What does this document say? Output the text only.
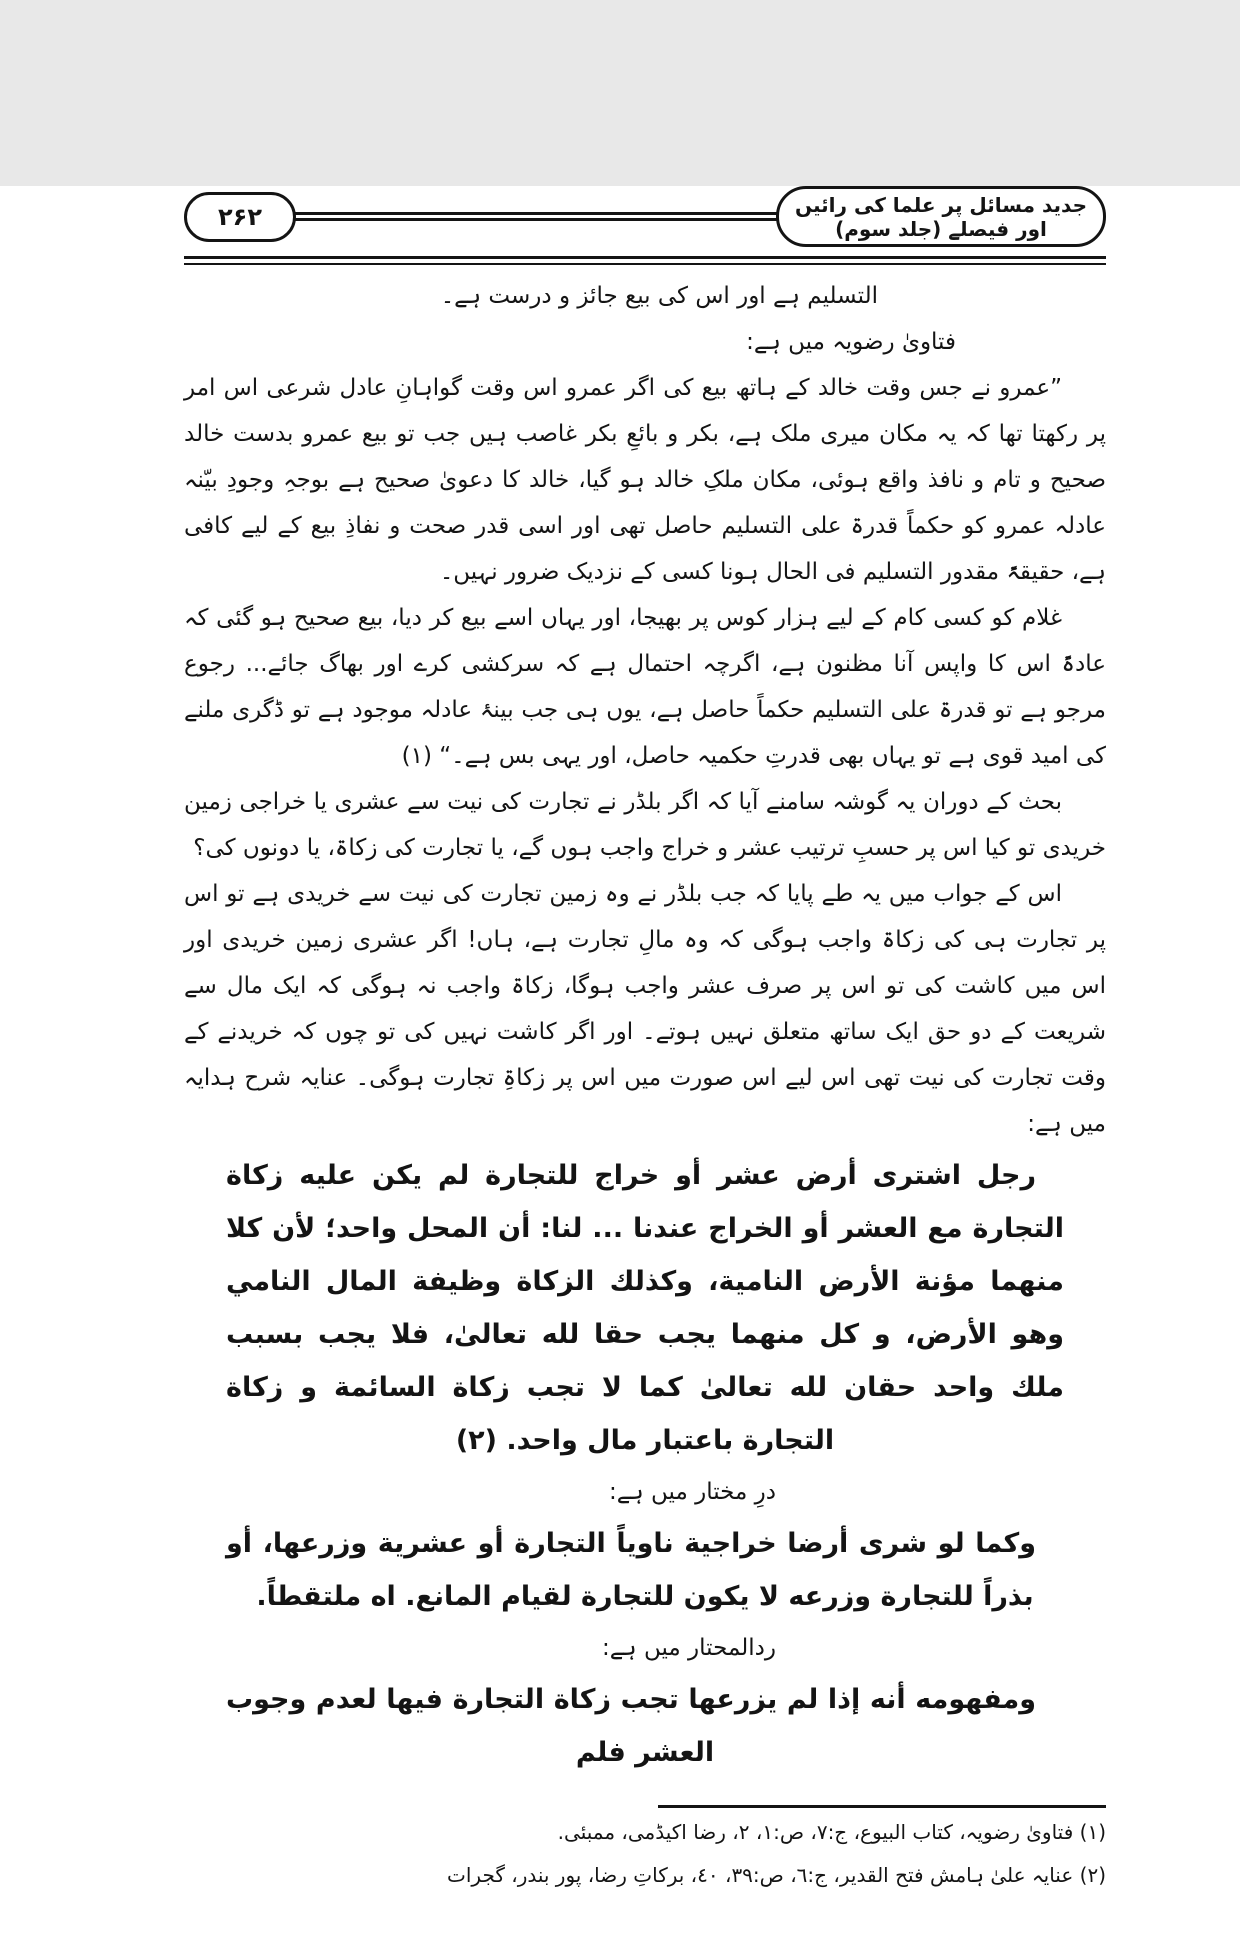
۲۶۲	جدید مسائل پر علما کی رائیں اور فیصلے (جلد سوم)
التسلیم ہے اور اس کی بیع جائز و درست ہے۔
فتاویٰ رضویہ میں ہے:
”عمرو نے جس وقت خالد کے ہاتھ بیع کی اگر عمرو اس وقت گواہانِ عادل شرعی اس امر پر رکھتا تھا کہ یہ مکان میری ملک ہے، بکر و بائعِ بکر غاصب ہیں جب تو بیع عمرو بدست خالد صحیح و تام و نافذ واقع ہوئی، مکان ملکِ خالد ہو گیا، خالد کا دعویٰ صحیح ہے بوجہِ وجودِ بیّنہ عادلہ عمرو کو حکماً قدرۃ علی التسلیم حاصل تھی اور اسی قدر صحت و نفاذِ بیع کے لیے کافی ہے، حقیقۃً مقدور التسلیم فی الحال ہونا کسی کے نزدیک ضرور نہیں۔
غلام کو کسی کام کے لیے ہزار کوس پر بھیجا، اور یہاں اسے بیع کر دیا، بیع صحیح ہو گئی کہ عادۃً اس کا واپس آنا مظنون ہے، اگرچہ احتمال ہے کہ سرکشی کرے اور بھاگ جائے... رجوع مرجو ہے تو قدرۃ علی التسلیم حکماً حاصل ہے، یوں ہی جب بینۂ عادلہ موجود ہے تو ڈگری ملنے کی امید قوی ہے تو یہاں بھی قدرتِ حکمیہ حاصل، اور یہی بس ہے۔“ (۱)
بحث کے دوران یہ گوشہ سامنے آیا کہ اگر بلڈر نے تجارت کی نیت سے عشری یا خراجی زمین خریدی تو کیا اس پر حسبِ ترتیب عشر و خراج واجب ہوں گے، یا تجارت کی زکاۃ، یا دونوں کی؟
اس کے جواب میں یہ طے پایا کہ جب بلڈر نے وہ زمین تجارت کی نیت سے خریدی ہے تو اس پر تجارت ہی کی زکاۃ واجب ہوگی کہ وہ مالِ تجارت ہے، ہاں! اگر عشری زمین خریدی اور اس میں کاشت کی تو اس پر صرف عشر واجب ہوگا، زکاۃ واجب نہ ہوگی کہ ایک مال سے شریعت کے دو حق ایک ساتھ متعلق نہیں ہوتے۔ اور اگر کاشت نہیں کی تو چوں کہ خریدنے کے وقت تجارت کی نیت تھی اس لیے اس صورت میں اس پر زکاۃِ تجارت ہوگی۔ عنایہ شرح ہدایہ میں ہے:
رجل اشترى أرض عشر أو خراج للتجارة لم يكن عليه زكاة التجارة مع العشر أو الخراج عندنا ... لنا: أن المحل واحد؛ لأن كلا منهما مؤنة الأرض النامية، وكذلك الزكاة وظيفة المال النامي وهو الأرض، و كل منهما يجب حقا لله تعالىٰ، فلا يجب بسبب ملك واحد حقان لله تعالىٰ كما لا تجب زكاة السائمة و زكاة التجارة باعتبار مال واحد. (۲)
درِ مختار میں ہے:
وكما لو شرى أرضا خراجية ناوياً التجارة أو عشرية وزرعها، أو بذراً للتجارة وزرعه لا يكون للتجارة لقيام المانع. اه ملتقطاً.
ردالمحتار میں ہے:
ومفهومه أنه إذا لم يزرعها تجب زكاة التجارة فيها لعدم وجوب العشر فلم
(۱) فتاویٰ رضویہ، کتاب البیوع، ج:۷، ص:۱، ۲، رضا اکیڈمی، ممبئی.
(۲) عنایہ علیٰ ہامش فتح القدیر، ج:٦، ص:٣٩، ٤٠، برکاتِ رضا، پور بندر، گجرات
